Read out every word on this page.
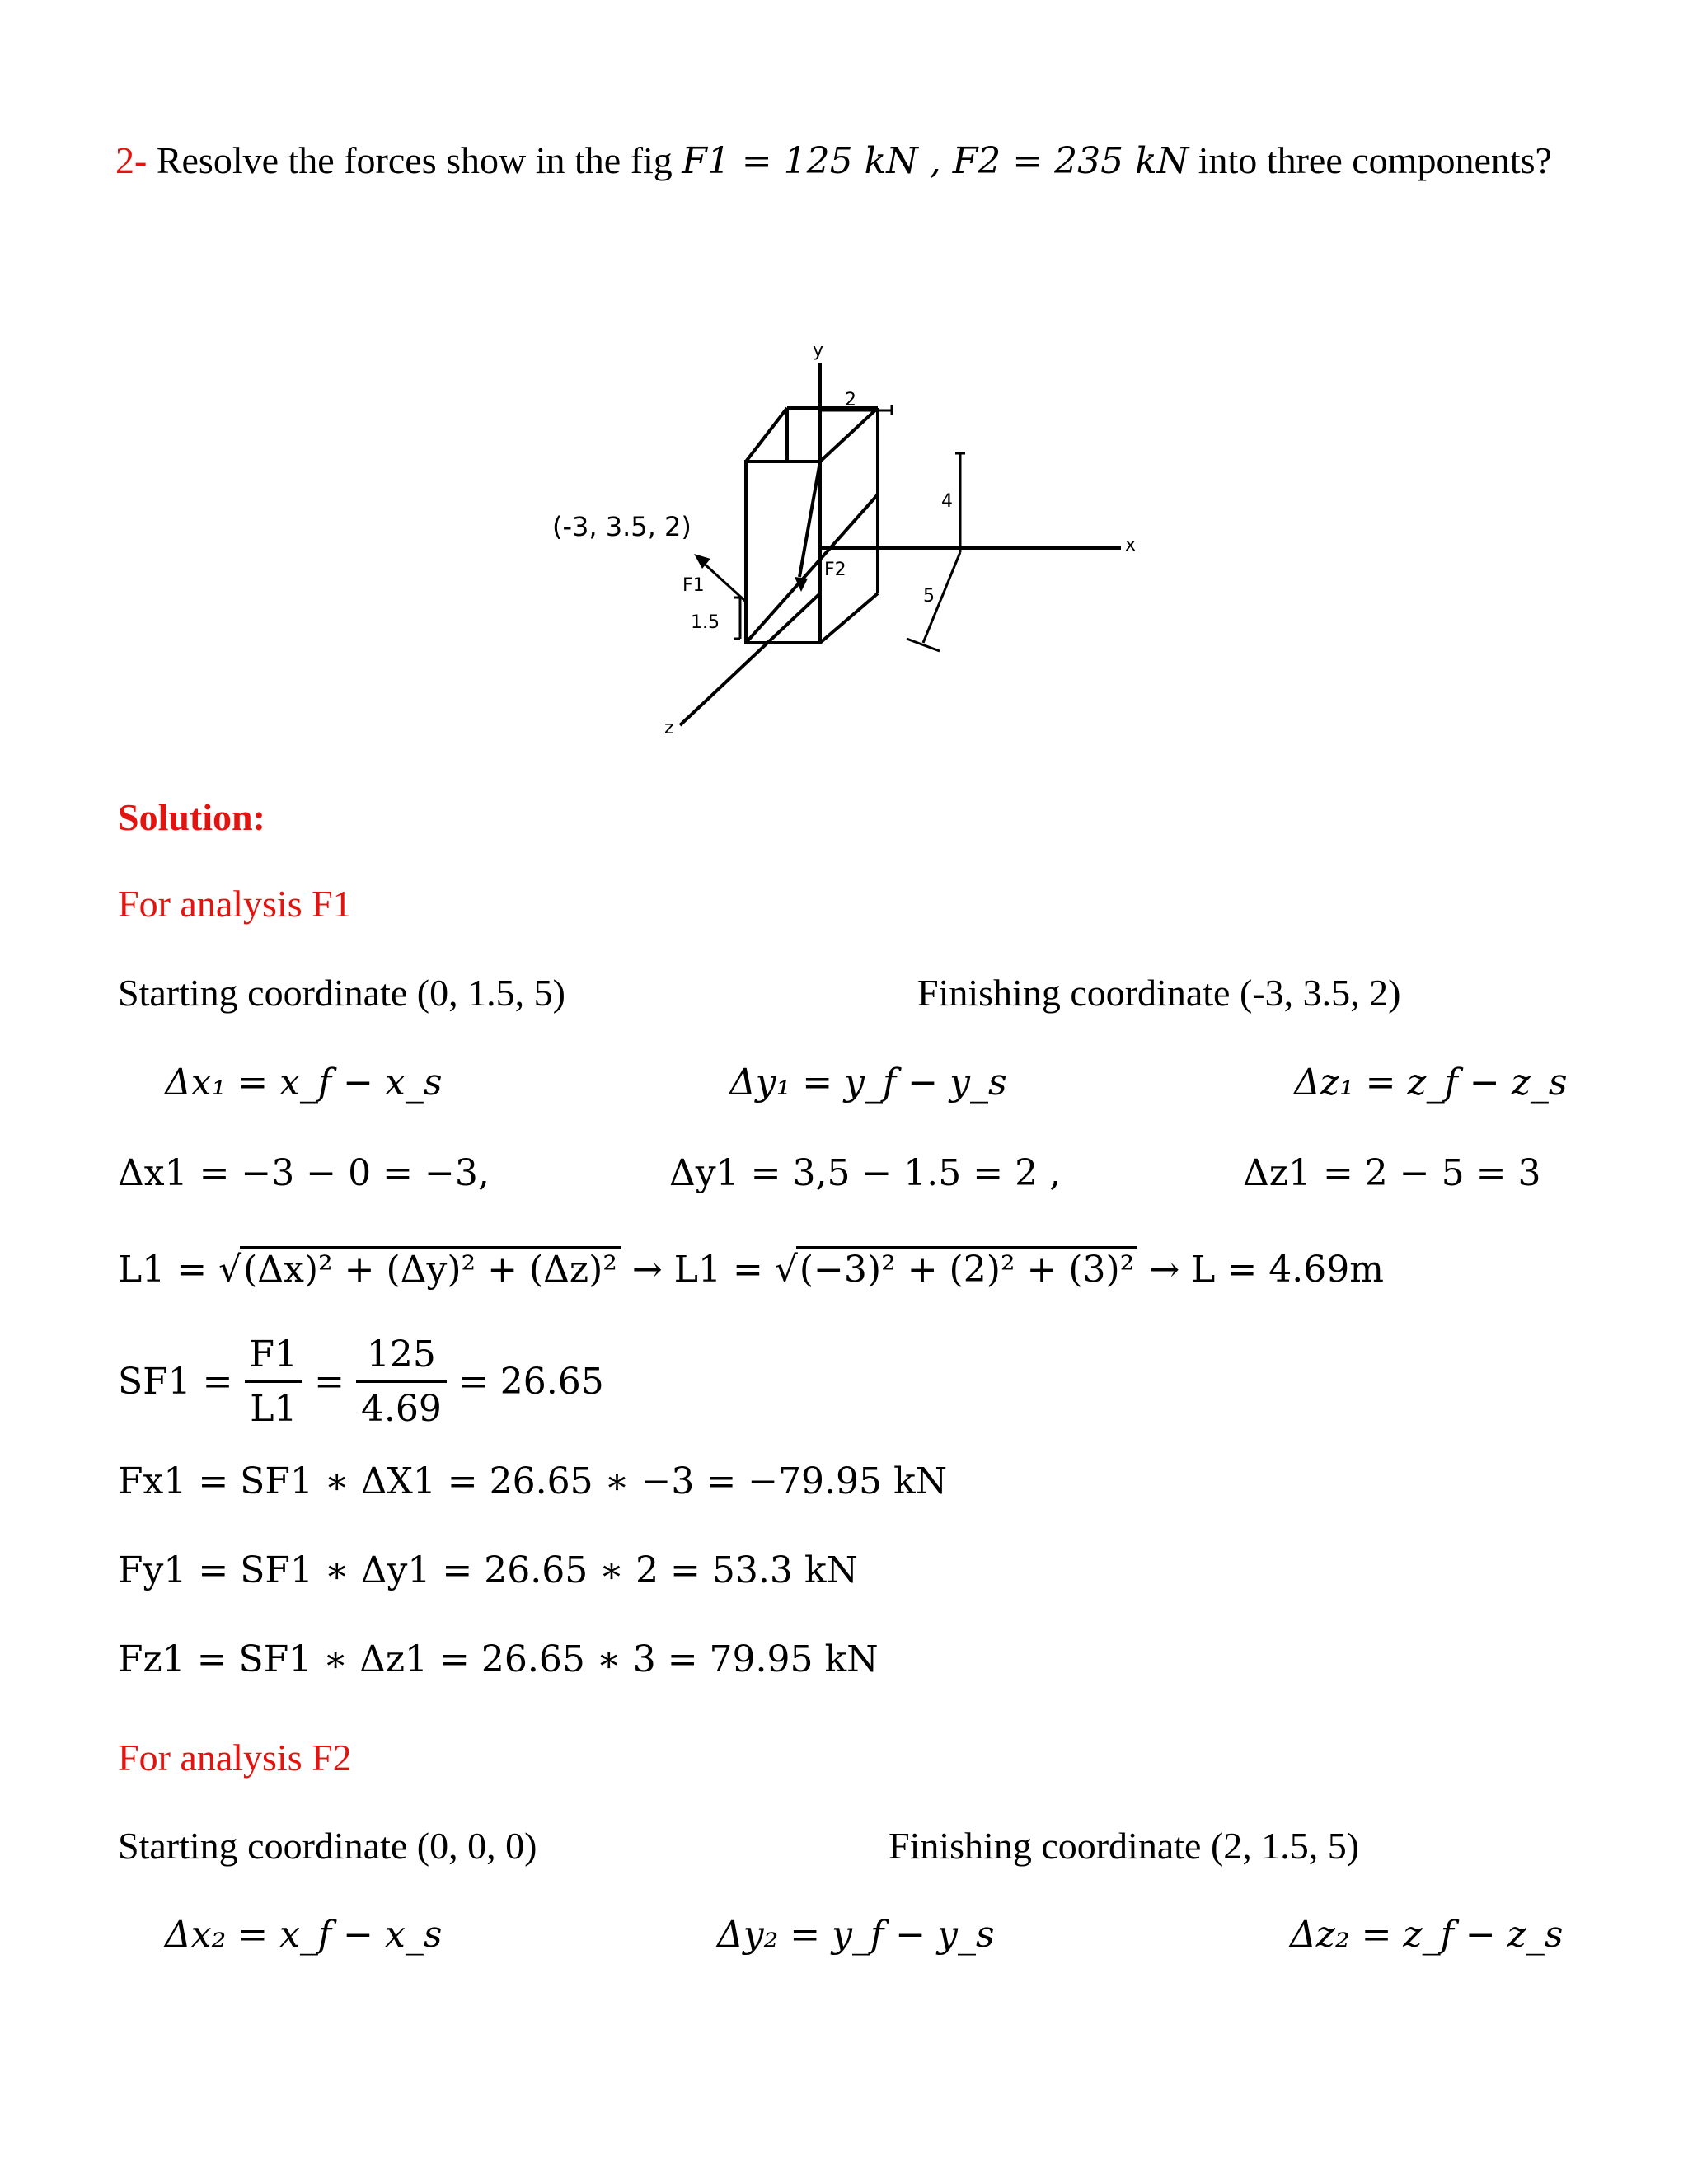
2- Resolve the forces show in the fig F1 = 125 kN , F2 = 235 kN into three components?
y
x
z
2
4
5
1.5
(-3, 3.5, 2)
F1
F2
Solution:
For analysis F1
Starting coordinate (0, 1.5, 5)	Finishing coordinate (-3, 3.5, 2)
Δx₁ = x_f − x_s	Δy₁ = y_f − y_s	Δz₁ = z_f − z_s
Δx1 = −3 − 0 = −3,	Δy1 = 3,5 − 1.5 = 2 ,	Δz1 = 2 − 5 = 3
L1 = √(Δx)² + (Δy)² + (Δz)² → L1 = √(−3)² + (2)² + (3)² → L = 4.69m
$SF1 = \frac{F1}{L1} = \frac{125}{4.69} = 26.65$
Fx1 = SF1 ∗ ΔX1 = 26.65 ∗ −3 = −79.95 kN
Fy1 = SF1 ∗ Δy1 = 26.65 ∗ 2 = 53.3 kN
Fz1 = SF1 ∗ Δz1 = 26.65 ∗ 3 = 79.95 kN
For analysis F2
Starting coordinate (0, 0, 0)	Finishing coordinate (2, 1.5, 5)
Δx₂ = x_f − x_s	Δy₂ = y_f − y_s	Δz₂ = z_f − z_s
